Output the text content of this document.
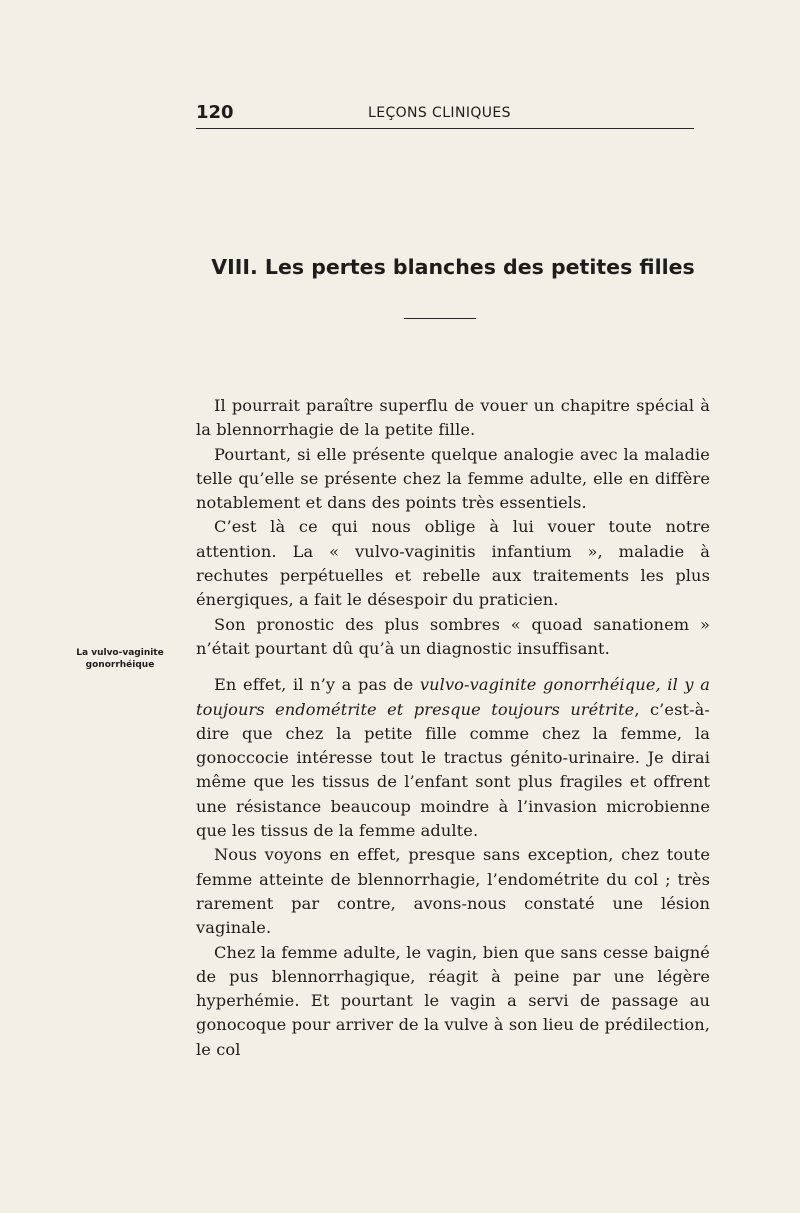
120	LEÇONS CLINIQUES
VIII. Les pertes blanches des petites filles
La vulvo-vaginite
gonorrhéique

Il pourrait paraître superflu de vouer un chapitre spécial à la blennorrhagie de la petite fille.

Pourtant, si elle présente quelque analogie avec la maladie telle qu’elle se présente chez la femme adulte, elle en diffère notablement et dans des points très essentiels.

C’est là ce qui nous oblige à lui vouer toute notre attention. La « vulvo-vaginitis infantium », maladie à rechutes perpétuelles et rebelle aux traitements les plus énergiques, a fait le désespoir du praticien.

Son pronostic des plus sombres « quoad sanationem » n’était pourtant dû qu’à un diagnostic insuffisant.

En effet, il n’y a pas de vulvo-vaginite gonorrhéique, il y a toujours endométrite et presque toujours urétrite, c’est-à-dire que chez la petite fille comme chez la femme, la gonoccocie intéresse tout le tractus génito-urinaire. Je dirai même que les tissus de l’enfant sont plus fragiles et offrent une résistance beaucoup moindre à l’invasion microbienne que les tissus de la femme adulte.

Nous voyons en effet, presque sans exception, chez toute femme atteinte de blennorrhagie, l’endométrite du col ; très rarement par contre, avons-nous constaté une lésion vaginale.

Chez la femme adulte, le vagin, bien que sans cesse baigné de pus blennorrhagique, réagit à peine par une légère hyperhémie. Et pourtant le vagin a servi de passage au gonocoque pour arriver de la vulve à son lieu de prédilection, le col
